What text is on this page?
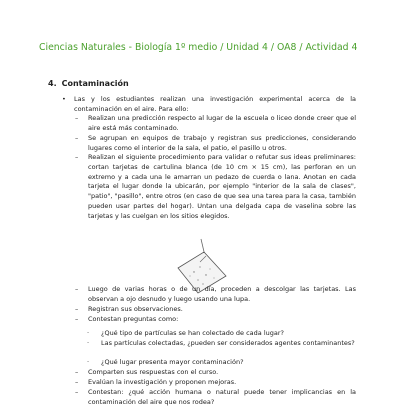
Ciencias Naturales - Biología 1º medio / Unidad 4 / OA8 / Actividad 4
4. Contaminación
• Las y los estudiantes realizan una investigación experimental acerca de la contaminación en el aire. Para ello:
– Realizan una predicción respecto al lugar de la escuela o liceo donde creer que el aire está más contaminado.
– Se agrupan en equipos de trabajo y registran sus predicciones, considerando lugares como el interior de la sala, el patio, el pasillo u otros.
– Realizan el siguiente procedimiento para validar o refutar sus ideas preliminares: cortan tarjetas de cartulina blanca (de 10 cm × 15 cm), las perforan en un extremo y a cada una le amarran un pedazo de cuerda o lana. Anotan en cada tarjeta el lugar donde la ubicarán, por ejemplo "interior de la sala de clases", "patio", "pasillo", entre otros (en caso de que sea una tarea para la casa, también pueden usar partes del hogar). Untan una delgada capa de vaselina sobre las tarjetas y las cuelgan en los sitios elegidos.
– Luego de varias horas o de un día, proceden a descolgar las tarjetas. Las observan a ojo desnudo y luego usando una lupa.
– Registran sus observaciones.
– Contestan preguntas como:
· ¿Qué tipo de partículas se han colectado de cada lugar?
· Las partículas colectadas, ¿pueden ser considerados agentes contaminantes?
· ¿Qué lugar presenta mayor contaminación?
– Comparten sus respuestas con el curso.
– Evalúan la investigación y proponen mejoras.
– Contestan: ¿qué acción humana o natural puede tener implicancias en la contaminación del aire que nos rodea?
